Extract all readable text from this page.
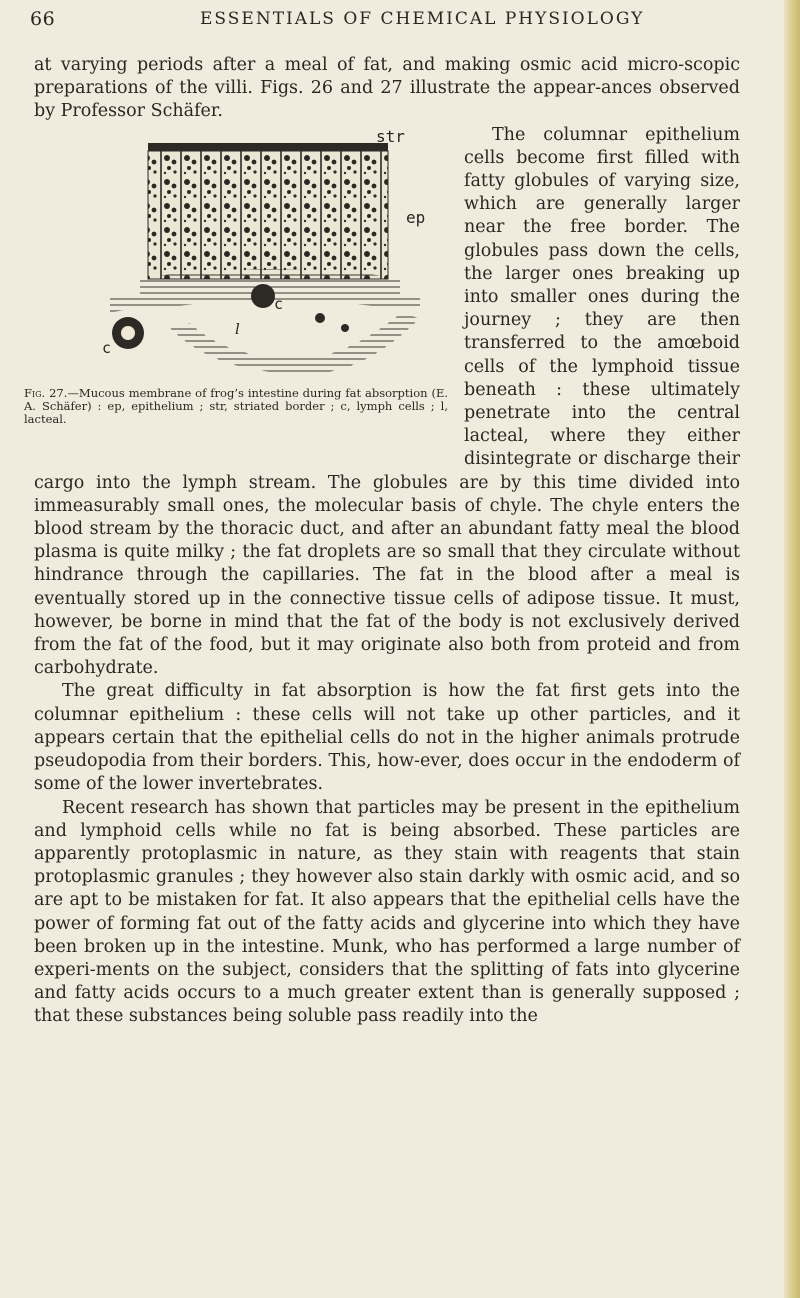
66	ESSENTIALS OF CHEMICAL PHYSIOLOGY

at varying periods after a meal of fat, and making osmic acid micro-scopic preparations of the villi. Figs. 26 and 27 illustrate the appear-ances observed by Professor Schäfer.

str
ep
c
c
l
Fig. 27.—Mucous membrane of frog’s intestine during fat absorption (E. A. Schäfer) : ep, epithelium ; str, striated border ; c, lymph cells ; l, lacteal.

The columnar epithelium cells become first filled with fatty globules of varying size, which are generally larger near the free border. The globules pass down the cells, the larger ones breaking up into smaller ones during the journey ; they are then transferred to the amœboid cells of the lymphoid tissue beneath : these ultimately penetrate into the central lacteal, where they either disintegrate or discharge their cargo into the lymph stream. The globules are by this time divided into immeasurably small ones, the molecular basis of chyle. The chyle enters the blood stream by the thoracic duct, and after an abundant fatty meal the blood plasma is quite milky ; the fat droplets are so small that they circulate without hindrance through the capillaries. The fat in the blood after a meal is eventually stored up in the connective tissue cells of adipose tissue. It must, however, be borne in mind that the fat of the body is not exclusively derived from the fat of the food, but it may originate also both from proteid and from carbohydrate.

The great difficulty in fat absorption is how the fat first gets into the columnar epithelium : these cells will not take up other particles, and it appears certain that the epithelial cells do not in the higher animals protrude pseudopodia from their borders. This, how-ever, does occur in the endoderm of some of the lower invertebrates.

Recent research has shown that particles may be present in the epithelium and lymphoid cells while no fat is being absorbed. These particles are apparently protoplasmic in nature, as they stain with reagents that stain protoplasmic granules ; they however also stain darkly with osmic acid, and so are apt to be mistaken for fat. It also appears that the epithelial cells have the power of forming fat out of the fatty acids and glycerine into which they have been broken up in the intestine. Munk, who has performed a large number of experi-ments on the subject, considers that the splitting of fats into glycerine and fatty acids occurs to a much greater extent than is generally supposed ; that these substances being soluble pass readily into the
